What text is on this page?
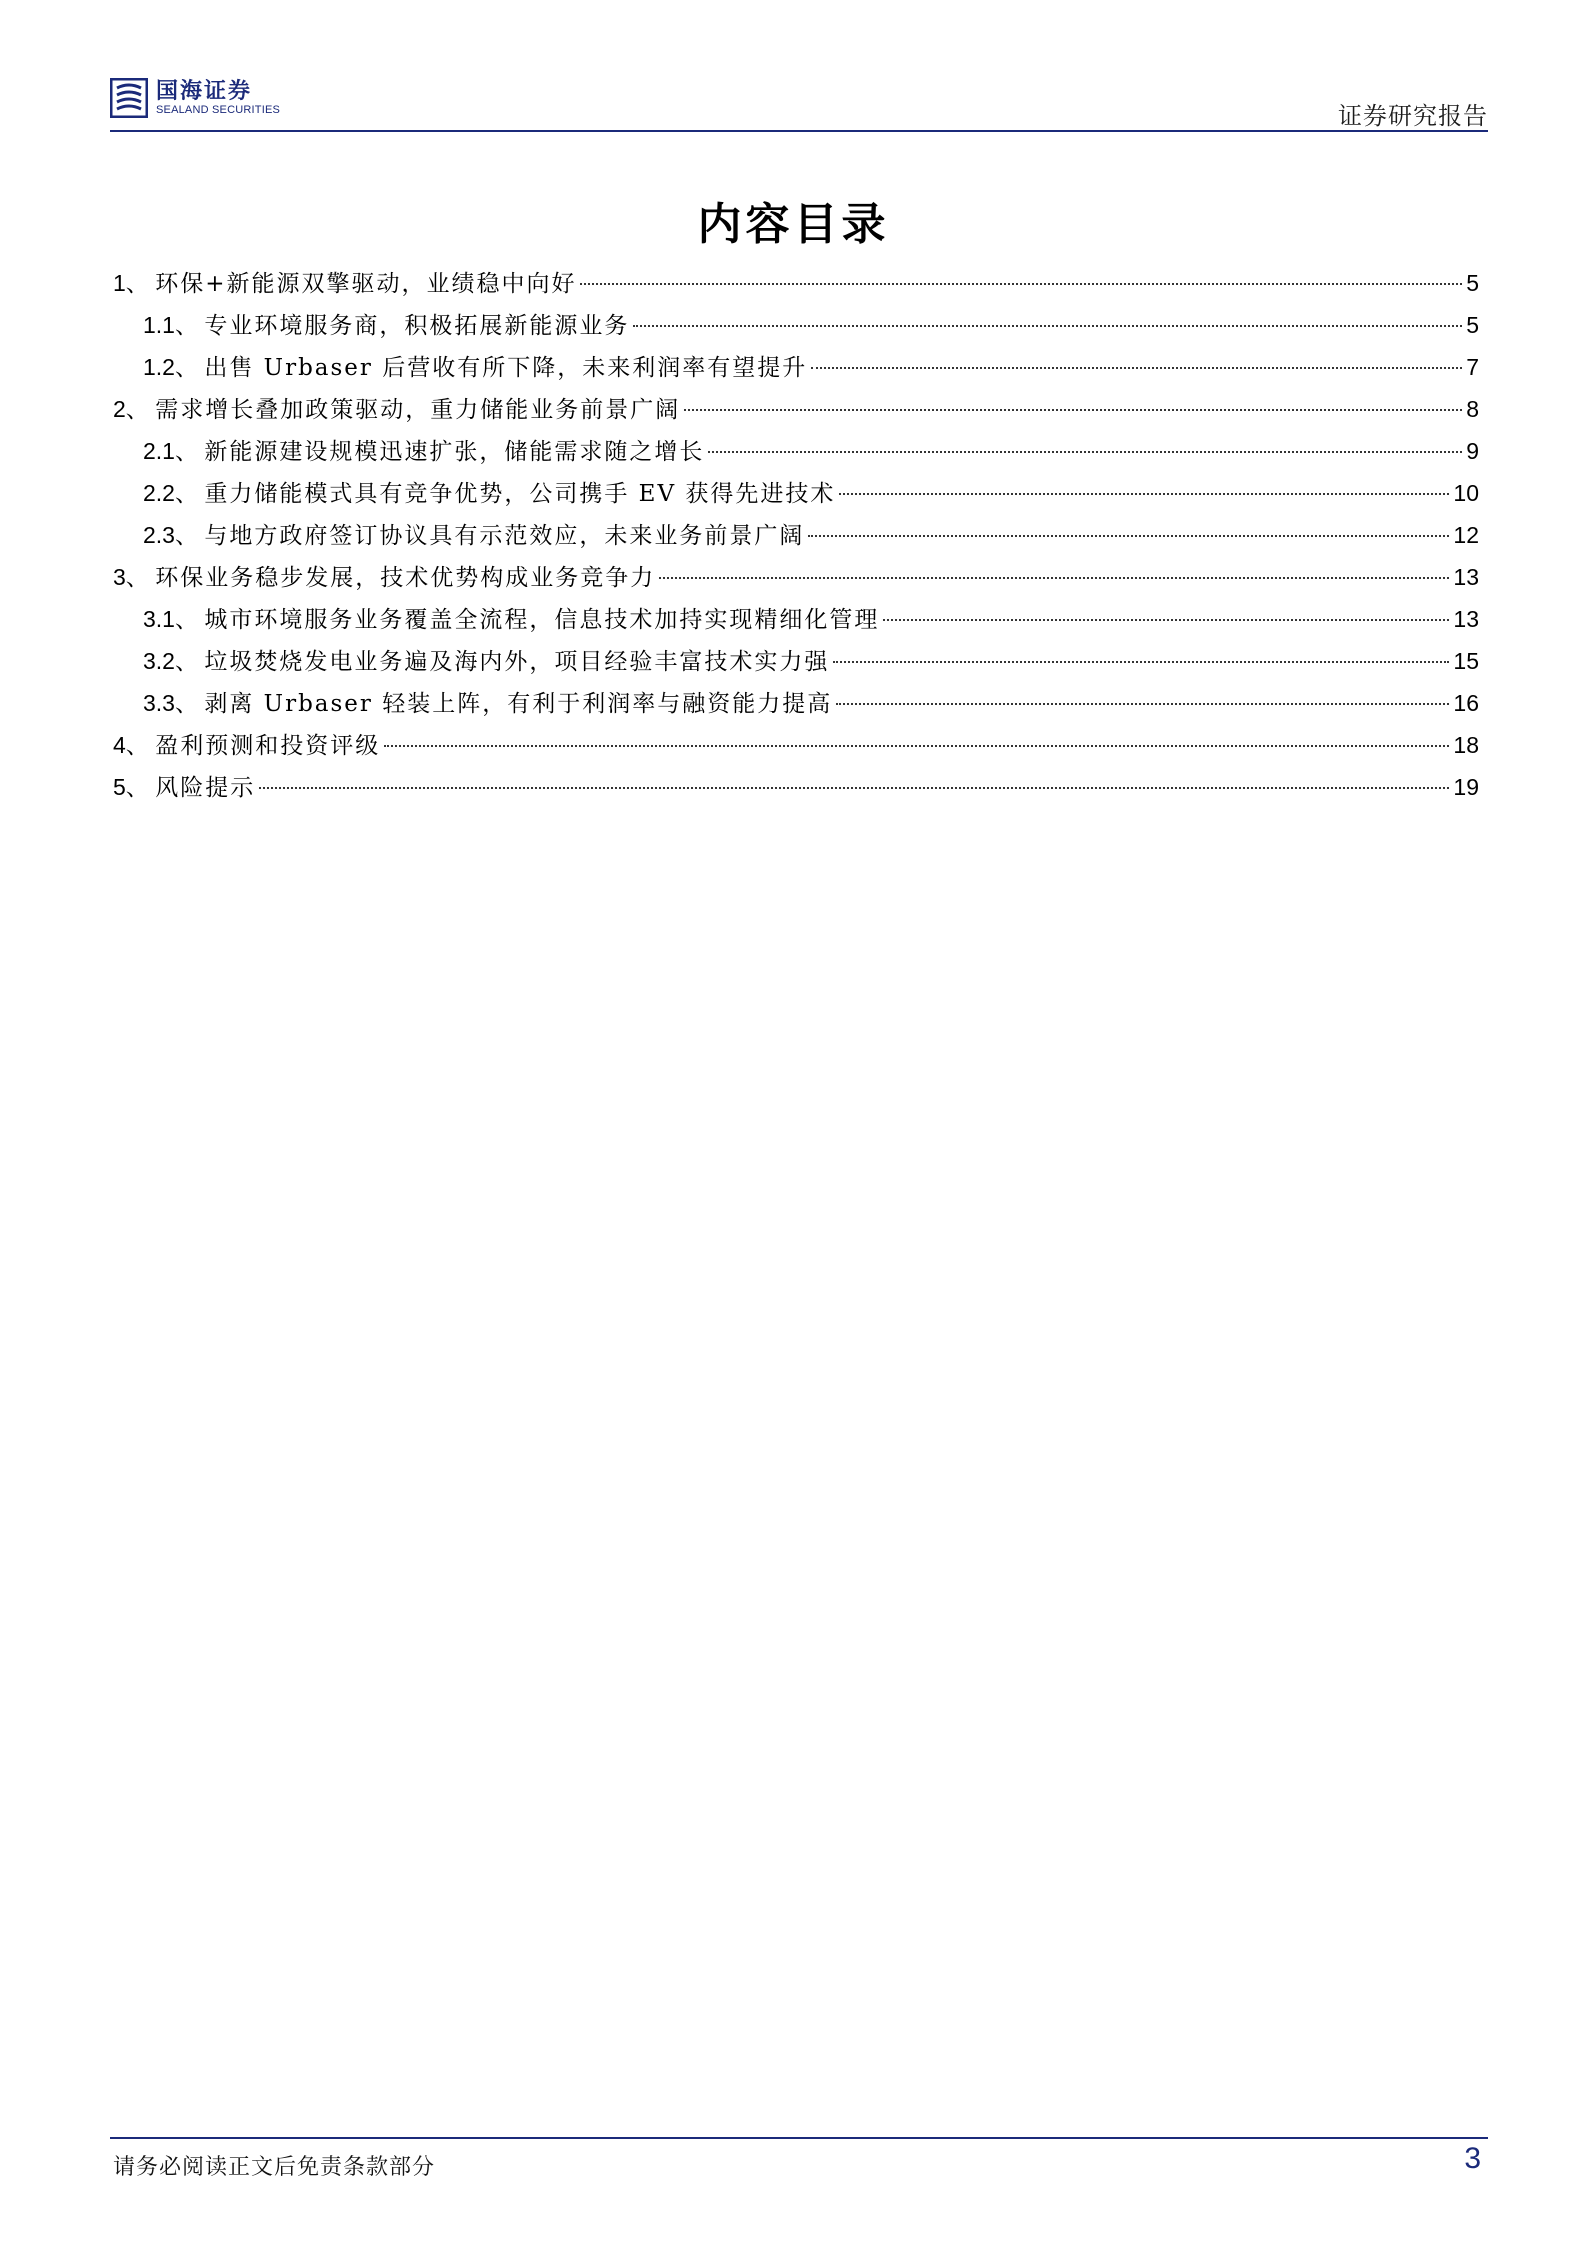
国海证券
SEALAND SECURITIES	证券研究报告
内容目录
1、 环保+新能源双擎驱动，业绩稳中向好	5
1.1、 专业环境服务商，积极拓展新能源业务	5
1.2、 出售 Urbaser 后营收有所下降，未来利润率有望提升	7
2、 需求增长叠加政策驱动，重力储能业务前景广阔	8
2.1、 新能源建设规模迅速扩张，储能需求随之增长	9
2.2、 重力储能模式具有竞争优势，公司携手 EV 获得先进技术	10
2.3、 与地方政府签订协议具有示范效应，未来业务前景广阔	12
3、 环保业务稳步发展，技术优势构成业务竞争力	13
3.1、 城市环境服务业务覆盖全流程，信息技术加持实现精细化管理	13
3.2、 垃圾焚烧发电业务遍及海内外，项目经验丰富技术实力强	15
3.3、 剥离 Urbaser 轻装上阵，有利于利润率与融资能力提高	16
4、 盈利预测和投资评级	18
5、 风险提示	19
请务必阅读正文后免责条款部分	3
